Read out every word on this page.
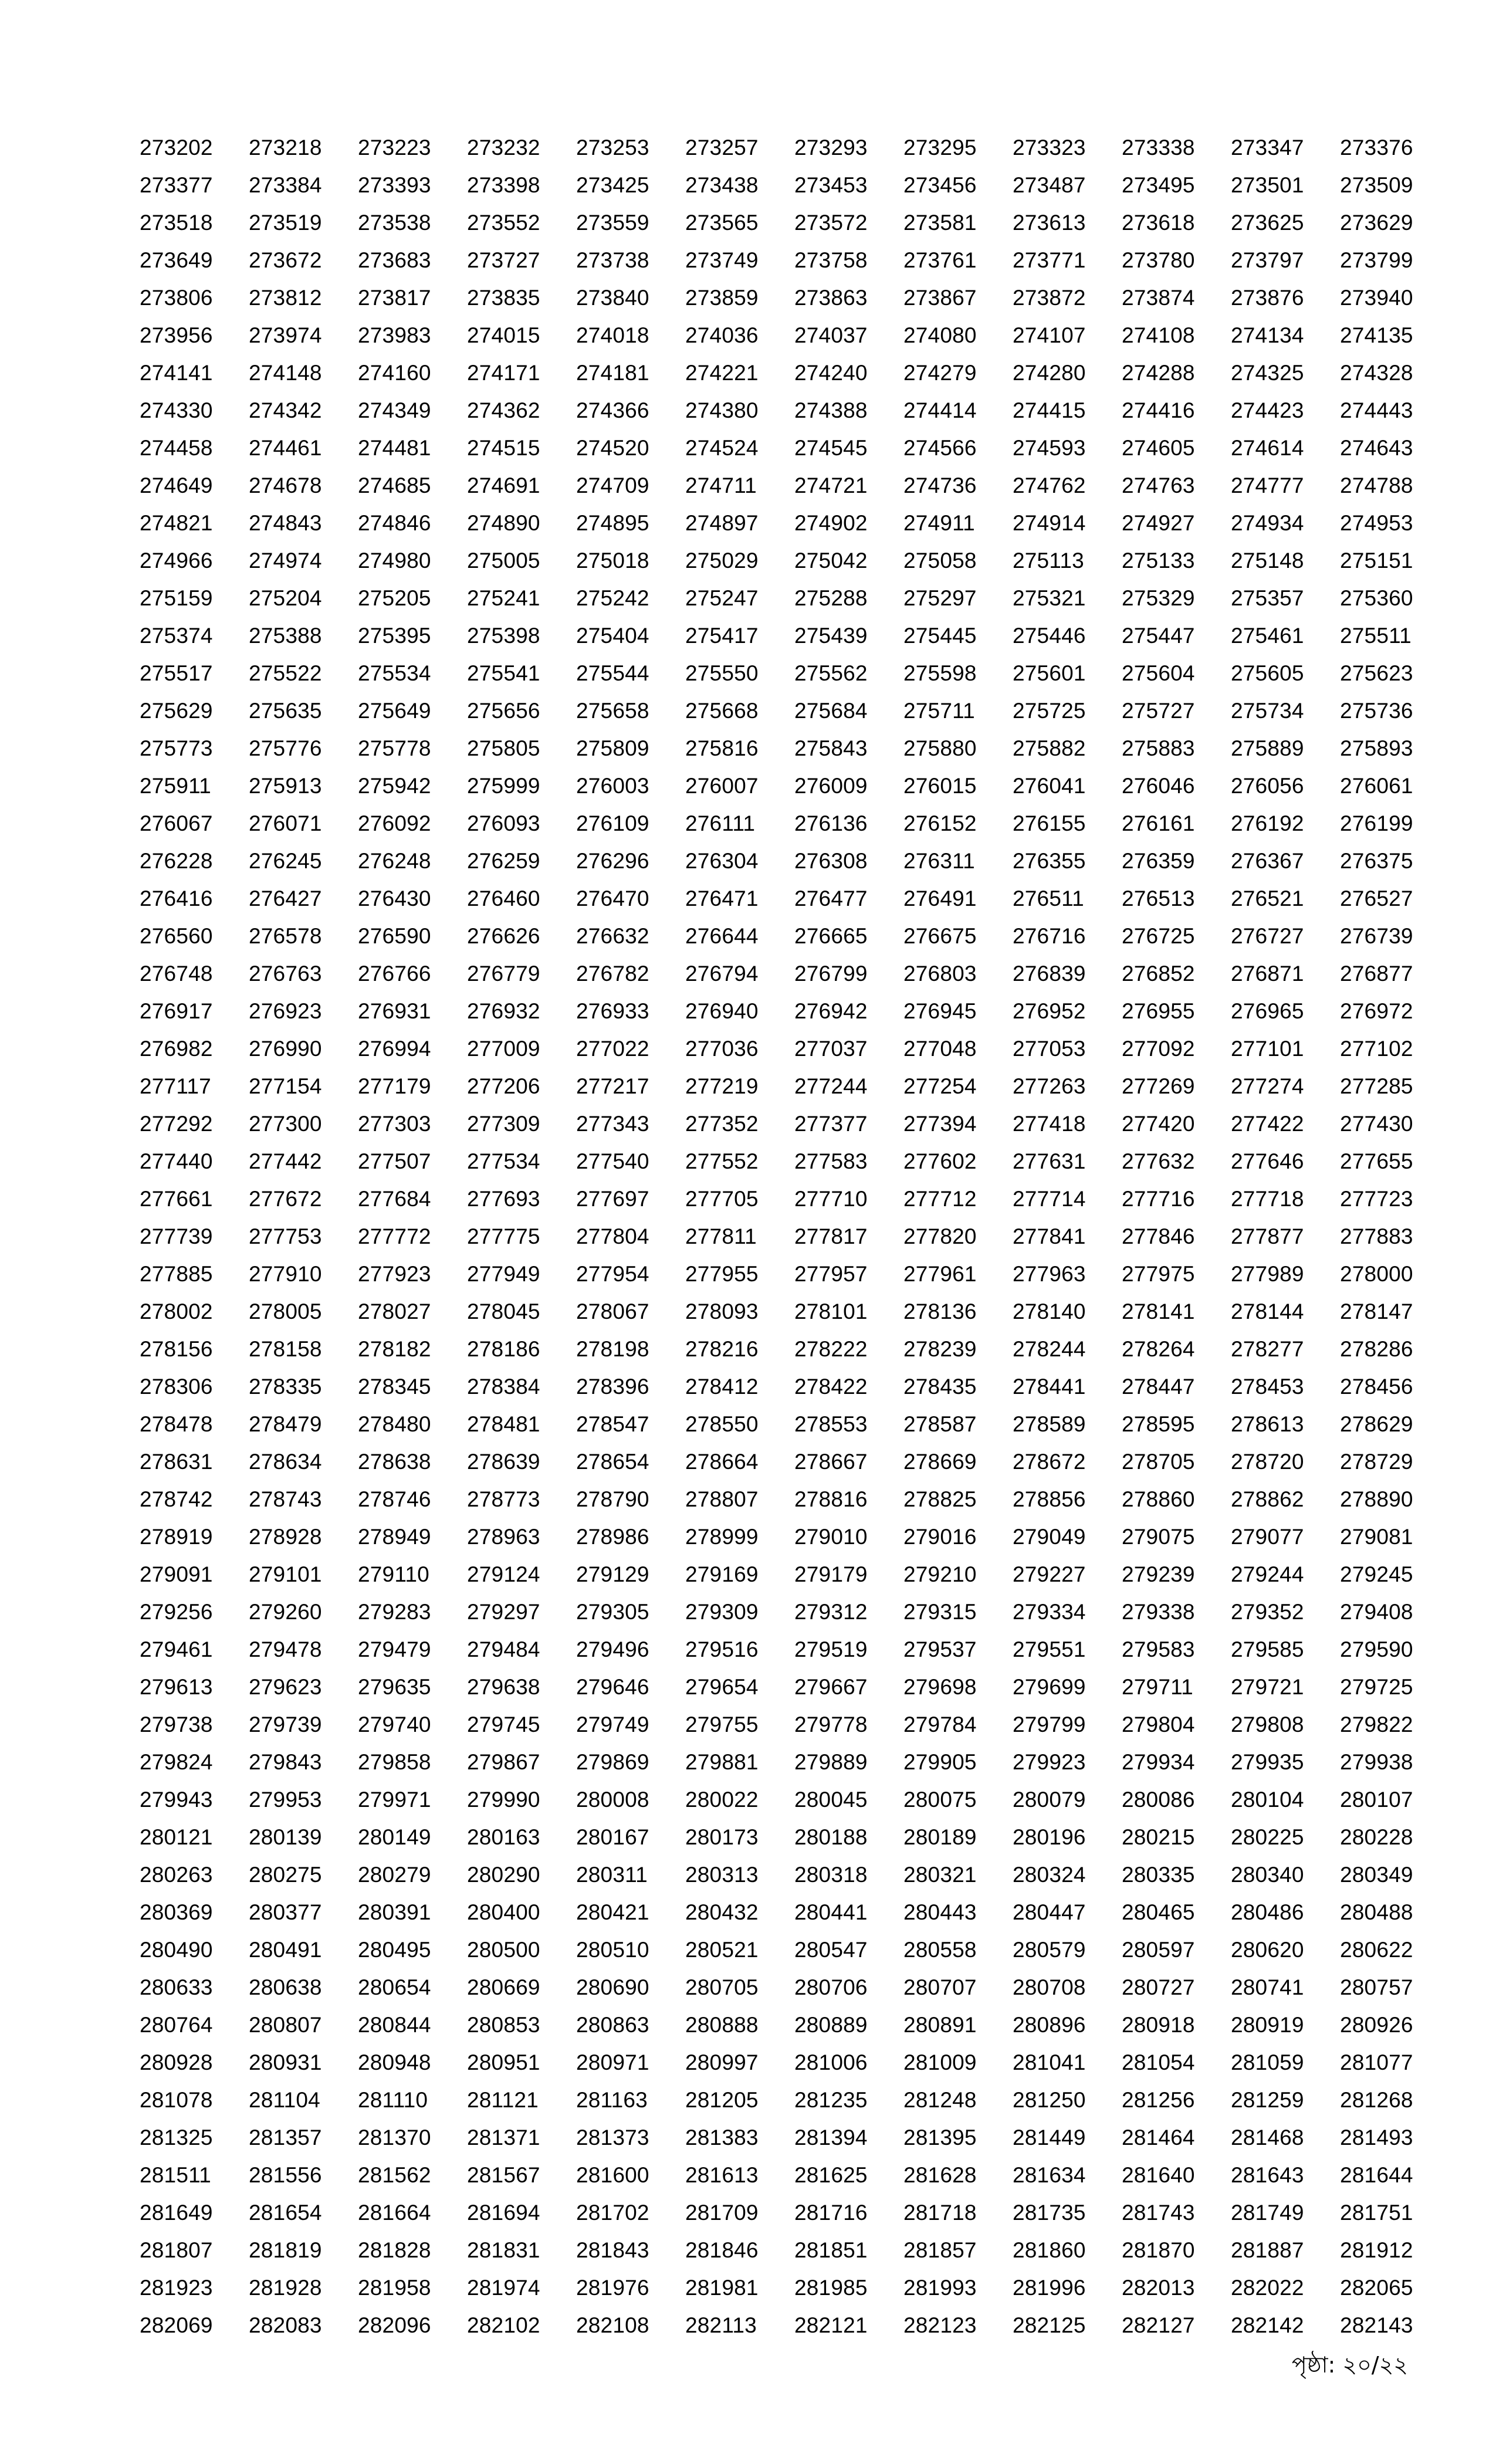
273202	273218	273223	273232	273253	273257	273293	273295	273323	273338	273347	273376
273377	273384	273393	273398	273425	273438	273453	273456	273487	273495	273501	273509
273518	273519	273538	273552	273559	273565	273572	273581	273613	273618	273625	273629
273649	273672	273683	273727	273738	273749	273758	273761	273771	273780	273797	273799
273806	273812	273817	273835	273840	273859	273863	273867	273872	273874	273876	273940
273956	273974	273983	274015	274018	274036	274037	274080	274107	274108	274134	274135
274141	274148	274160	274171	274181	274221	274240	274279	274280	274288	274325	274328
274330	274342	274349	274362	274366	274380	274388	274414	274415	274416	274423	274443
274458	274461	274481	274515	274520	274524	274545	274566	274593	274605	274614	274643
274649	274678	274685	274691	274709	274711	274721	274736	274762	274763	274777	274788
274821	274843	274846	274890	274895	274897	274902	274911	274914	274927	274934	274953
274966	274974	274980	275005	275018	275029	275042	275058	275113	275133	275148	275151
275159	275204	275205	275241	275242	275247	275288	275297	275321	275329	275357	275360
275374	275388	275395	275398	275404	275417	275439	275445	275446	275447	275461	275511
275517	275522	275534	275541	275544	275550	275562	275598	275601	275604	275605	275623
275629	275635	275649	275656	275658	275668	275684	275711	275725	275727	275734	275736
275773	275776	275778	275805	275809	275816	275843	275880	275882	275883	275889	275893
275911	275913	275942	275999	276003	276007	276009	276015	276041	276046	276056	276061
276067	276071	276092	276093	276109	276111	276136	276152	276155	276161	276192	276199
276228	276245	276248	276259	276296	276304	276308	276311	276355	276359	276367	276375
276416	276427	276430	276460	276470	276471	276477	276491	276511	276513	276521	276527
276560	276578	276590	276626	276632	276644	276665	276675	276716	276725	276727	276739
276748	276763	276766	276779	276782	276794	276799	276803	276839	276852	276871	276877
276917	276923	276931	276932	276933	276940	276942	276945	276952	276955	276965	276972
276982	276990	276994	277009	277022	277036	277037	277048	277053	277092	277101	277102
277117	277154	277179	277206	277217	277219	277244	277254	277263	277269	277274	277285
277292	277300	277303	277309	277343	277352	277377	277394	277418	277420	277422	277430
277440	277442	277507	277534	277540	277552	277583	277602	277631	277632	277646	277655
277661	277672	277684	277693	277697	277705	277710	277712	277714	277716	277718	277723
277739	277753	277772	277775	277804	277811	277817	277820	277841	277846	277877	277883
277885	277910	277923	277949	277954	277955	277957	277961	277963	277975	277989	278000
278002	278005	278027	278045	278067	278093	278101	278136	278140	278141	278144	278147
278156	278158	278182	278186	278198	278216	278222	278239	278244	278264	278277	278286
278306	278335	278345	278384	278396	278412	278422	278435	278441	278447	278453	278456
278478	278479	278480	278481	278547	278550	278553	278587	278589	278595	278613	278629
278631	278634	278638	278639	278654	278664	278667	278669	278672	278705	278720	278729
278742	278743	278746	278773	278790	278807	278816	278825	278856	278860	278862	278890
278919	278928	278949	278963	278986	278999	279010	279016	279049	279075	279077	279081
279091	279101	279110	279124	279129	279169	279179	279210	279227	279239	279244	279245
279256	279260	279283	279297	279305	279309	279312	279315	279334	279338	279352	279408
279461	279478	279479	279484	279496	279516	279519	279537	279551	279583	279585	279590
279613	279623	279635	279638	279646	279654	279667	279698	279699	279711	279721	279725
279738	279739	279740	279745	279749	279755	279778	279784	279799	279804	279808	279822
279824	279843	279858	279867	279869	279881	279889	279905	279923	279934	279935	279938
279943	279953	279971	279990	280008	280022	280045	280075	280079	280086	280104	280107
280121	280139	280149	280163	280167	280173	280188	280189	280196	280215	280225	280228
280263	280275	280279	280290	280311	280313	280318	280321	280324	280335	280340	280349
280369	280377	280391	280400	280421	280432	280441	280443	280447	280465	280486	280488
280490	280491	280495	280500	280510	280521	280547	280558	280579	280597	280620	280622
280633	280638	280654	280669	280690	280705	280706	280707	280708	280727	280741	280757
280764	280807	280844	280853	280863	280888	280889	280891	280896	280918	280919	280926
280928	280931	280948	280951	280971	280997	281006	281009	281041	281054	281059	281077
281078	281104	281110	281121	281163	281205	281235	281248	281250	281256	281259	281268
281325	281357	281370	281371	281373	281383	281394	281395	281449	281464	281468	281493
281511	281556	281562	281567	281600	281613	281625	281628	281634	281640	281643	281644
281649	281654	281664	281694	281702	281709	281716	281718	281735	281743	281749	281751
281807	281819	281828	281831	281843	281846	281851	281857	281860	281870	281887	281912
281923	281928	281958	281974	281976	281981	281985	281993	281996	282013	282022	282065
282069	282083	282096	282102	282108	282113	282121	282123	282125	282127	282142	282143
পৃষ্ঠা: ২০/২২
